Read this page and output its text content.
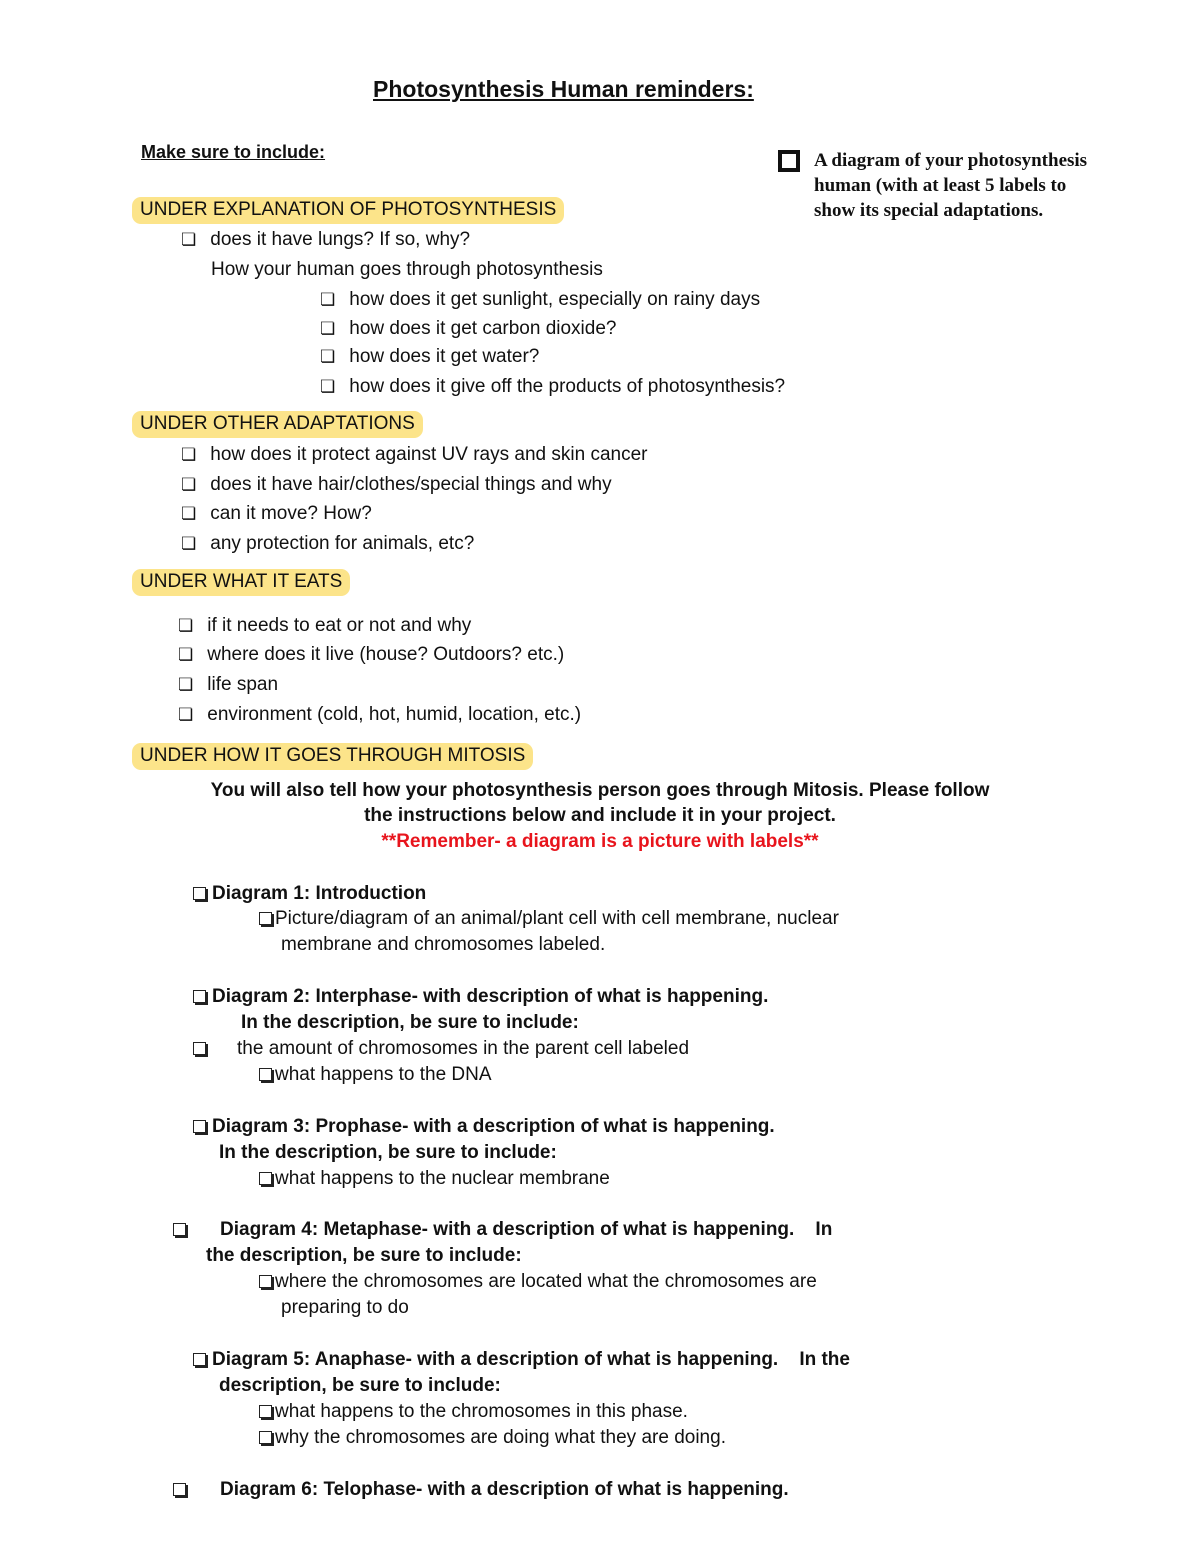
Photosynthesis Human reminders:
Make sure to include:	A diagram of your photosynthesis
human (with at least 5 labels to
show its special adaptations.
UNDER EXPLANATION OF PHOTOSYNTHESIS
❏ does it have lungs? If so, why?
How your human goes through photosynthesis
❏ how does it get sunlight, especially on rainy days
❏ how does it get carbon dioxide?
❏ how does it get water?
❏ how does it give off the products of photosynthesis?
UNDER OTHER ADAPTATIONS
❏ how does it protect against UV rays and skin cancer
❏ does it have hair/clothes/special things and why
❏ can it move? How?
❏ any protection for animals, etc?
UNDER WHAT IT EATS
❏ if it needs to eat or not and why
❏ where does it live (house? Outdoors? etc.)
❏ life span
❏ environment (cold, hot, humid, location, etc.)
UNDER HOW IT GOES THROUGH MITOSIS
You will also tell how your photosynthesis person goes through Mitosis. Please follow
the instructions below and include it in your project.
**Remember- a diagram is a picture with labels**
Diagram 1: Introduction
Picture/diagram of an animal/plant cell with cell membrane, nuclear
membrane and chromosomes labeled.
Diagram 2: Interphase- with description of what is happening.
In the description, be sure to include:
the amount of chromosomes in the parent cell labeled
what happens to the DNA
Diagram 3: Prophase- with a description of what is happening.
In the description, be sure to include:
what happens to the nuclear membrane
Diagram 4: Metaphase- with a description of what is happening.    In
the description, be sure to include:
where the chromosomes are located what the chromosomes are
preparing to do
Diagram 5: Anaphase- with a description of what is happening.    In the
description, be sure to include:
what happens to the chromosomes in this phase.
why the chromosomes are doing what they are doing.
Diagram 6: Telophase- with a description of what is happening.
